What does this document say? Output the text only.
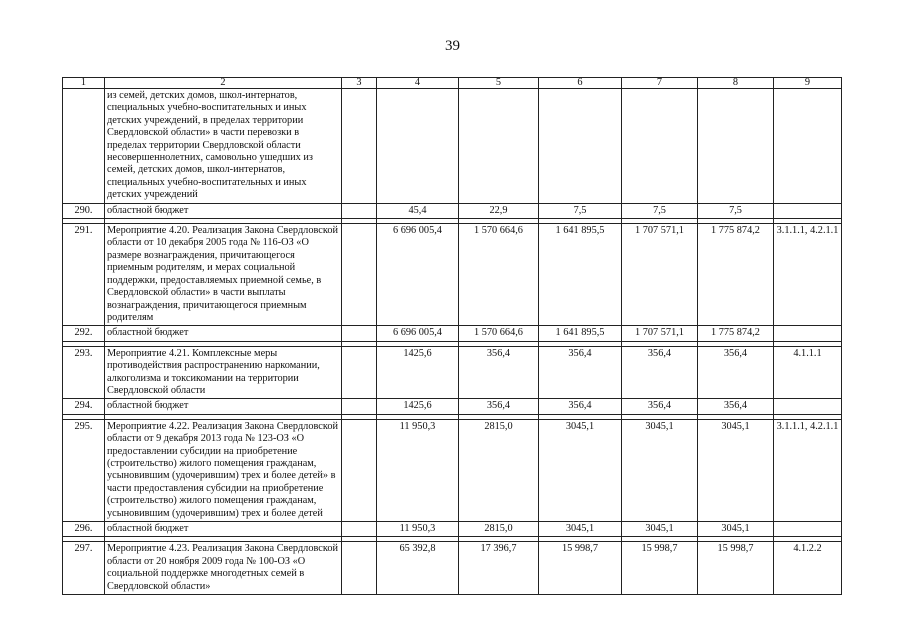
39
1	2	3	4	5	6	7	8	9
	из семей, детских домов, школ-интернатов, специальных учебно-воспитательных и иных детских учреждений, в пределах территории Свердловской области» в части перевозки в пределах территории Свердловской области несовершеннолетних, самовольно ушедших из семей, детских домов, школ-интернатов, специальных учебно-воспитательных и иных детских учреждений							
290.	областной бюджет		45,4	22,9	7,5	7,5	7,5	

291.	Мероприятие 4.20. Реализация Закона Свердловской области от 10 декабря 2005 года № 116-ОЗ «О размере вознаграждения, причитающегося приемным родителям, и мерах социальной поддержки, предоставляемых приемной семье, в Свердловской области» в части выплаты вознаграждения, причитающегося приемным родителям		6 696 005,4	1 570 664,6	1 641 895,5	1 707 571,1	1 775 874,2	3.1.1.1, 4.2.1.1
292.	областной бюджет		6 696 005,4	1 570 664,6	1 641 895,5	1 707 571,1	1 775 874,2	

293.	Мероприятие 4.21. Комплексные меры противодействия распространению наркомании, алкоголизма и токсикомании на территории Свердловской области		1425,6	356,4	356,4	356,4	356,4	4.1.1.1
294.	областной бюджет		1425,6	356,4	356,4	356,4	356,4	

295.	Мероприятие 4.22. Реализация Закона Свердловской области от 9 декабря 2013 года № 123-ОЗ «О предоставлении субсидии на приобретение (строительство) жилого помещения гражданам, усыновившим (удочерившим) трех и более детей» в части предоставления субсидии на приобретение (строительство) жилого помещения гражданам, усыновившим (удочерившим) трех и более детей		11 950,3	2815,0	3045,1	3045,1	3045,1	3.1.1.1, 4.2.1.1
296.	областной бюджет		11 950,3	2815,0	3045,1	3045,1	3045,1	

297.	Мероприятие 4.23. Реализация Закона Свердловской области от 20 ноября 2009 года № 100-ОЗ «О социальной поддержке многодетных семей в Свердловской области»		65 392,8	17 396,7	15 998,7	15 998,7	15 998,7	4.1.2.2
